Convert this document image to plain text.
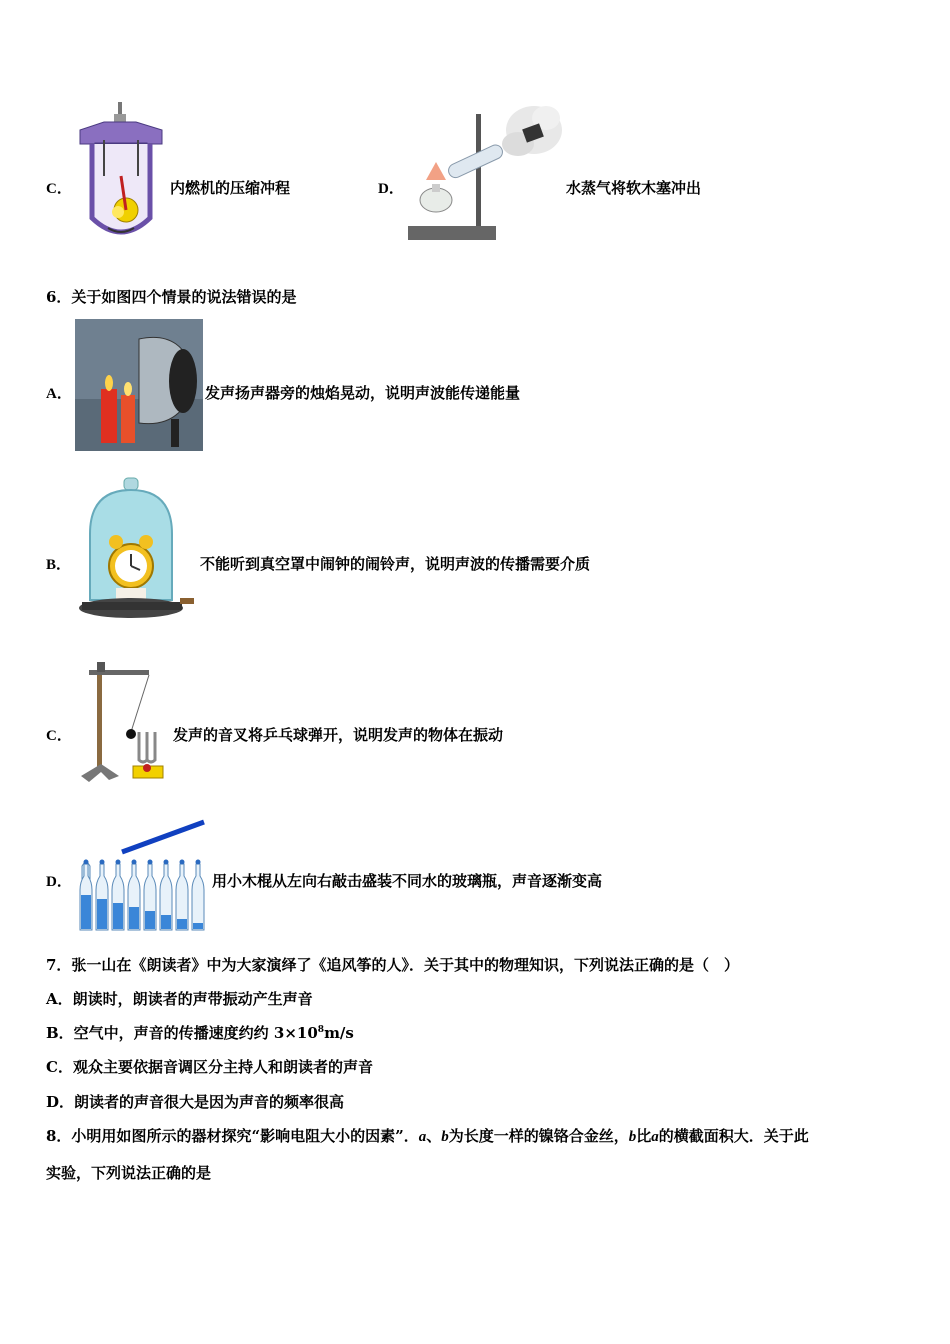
C．	内燃机的压缩冲程	D．	水蒸气将软木塞冲出
6．关于如图四个情景的说法错误的是
A．	发声扬声器旁的烛焰晃动，说明声波能传递能量
B．	不能听到真空罩中闹钟的闹铃声，说明声波的传播需要介质
C．	发声的音叉将乒乓球弹开，说明发声的物体在振动
D．	用小木棍从左向右敲击盛装不同水的玻璃瓶，声音逐渐变高
7．张一山在《朗读者》中为大家演绎了《追风筝的人》．关于其中的物理知识，下列说法正确的是（　）
A．朗读时，朗读者的声带振动产生声音
B．空气中，声音的传播速度约约 $3\times 10^8m/s$
C．观众主要依据音调区分主持人和朗读者的声音
D．朗读者的声音很大是因为声音的频率很高
8．小明用如图所示的器材探究“影响电阻大小的因素”．a、b为长度一样的镍铬合金丝，b比a的横截面积大．关于此
实验，下列说法正确的是
